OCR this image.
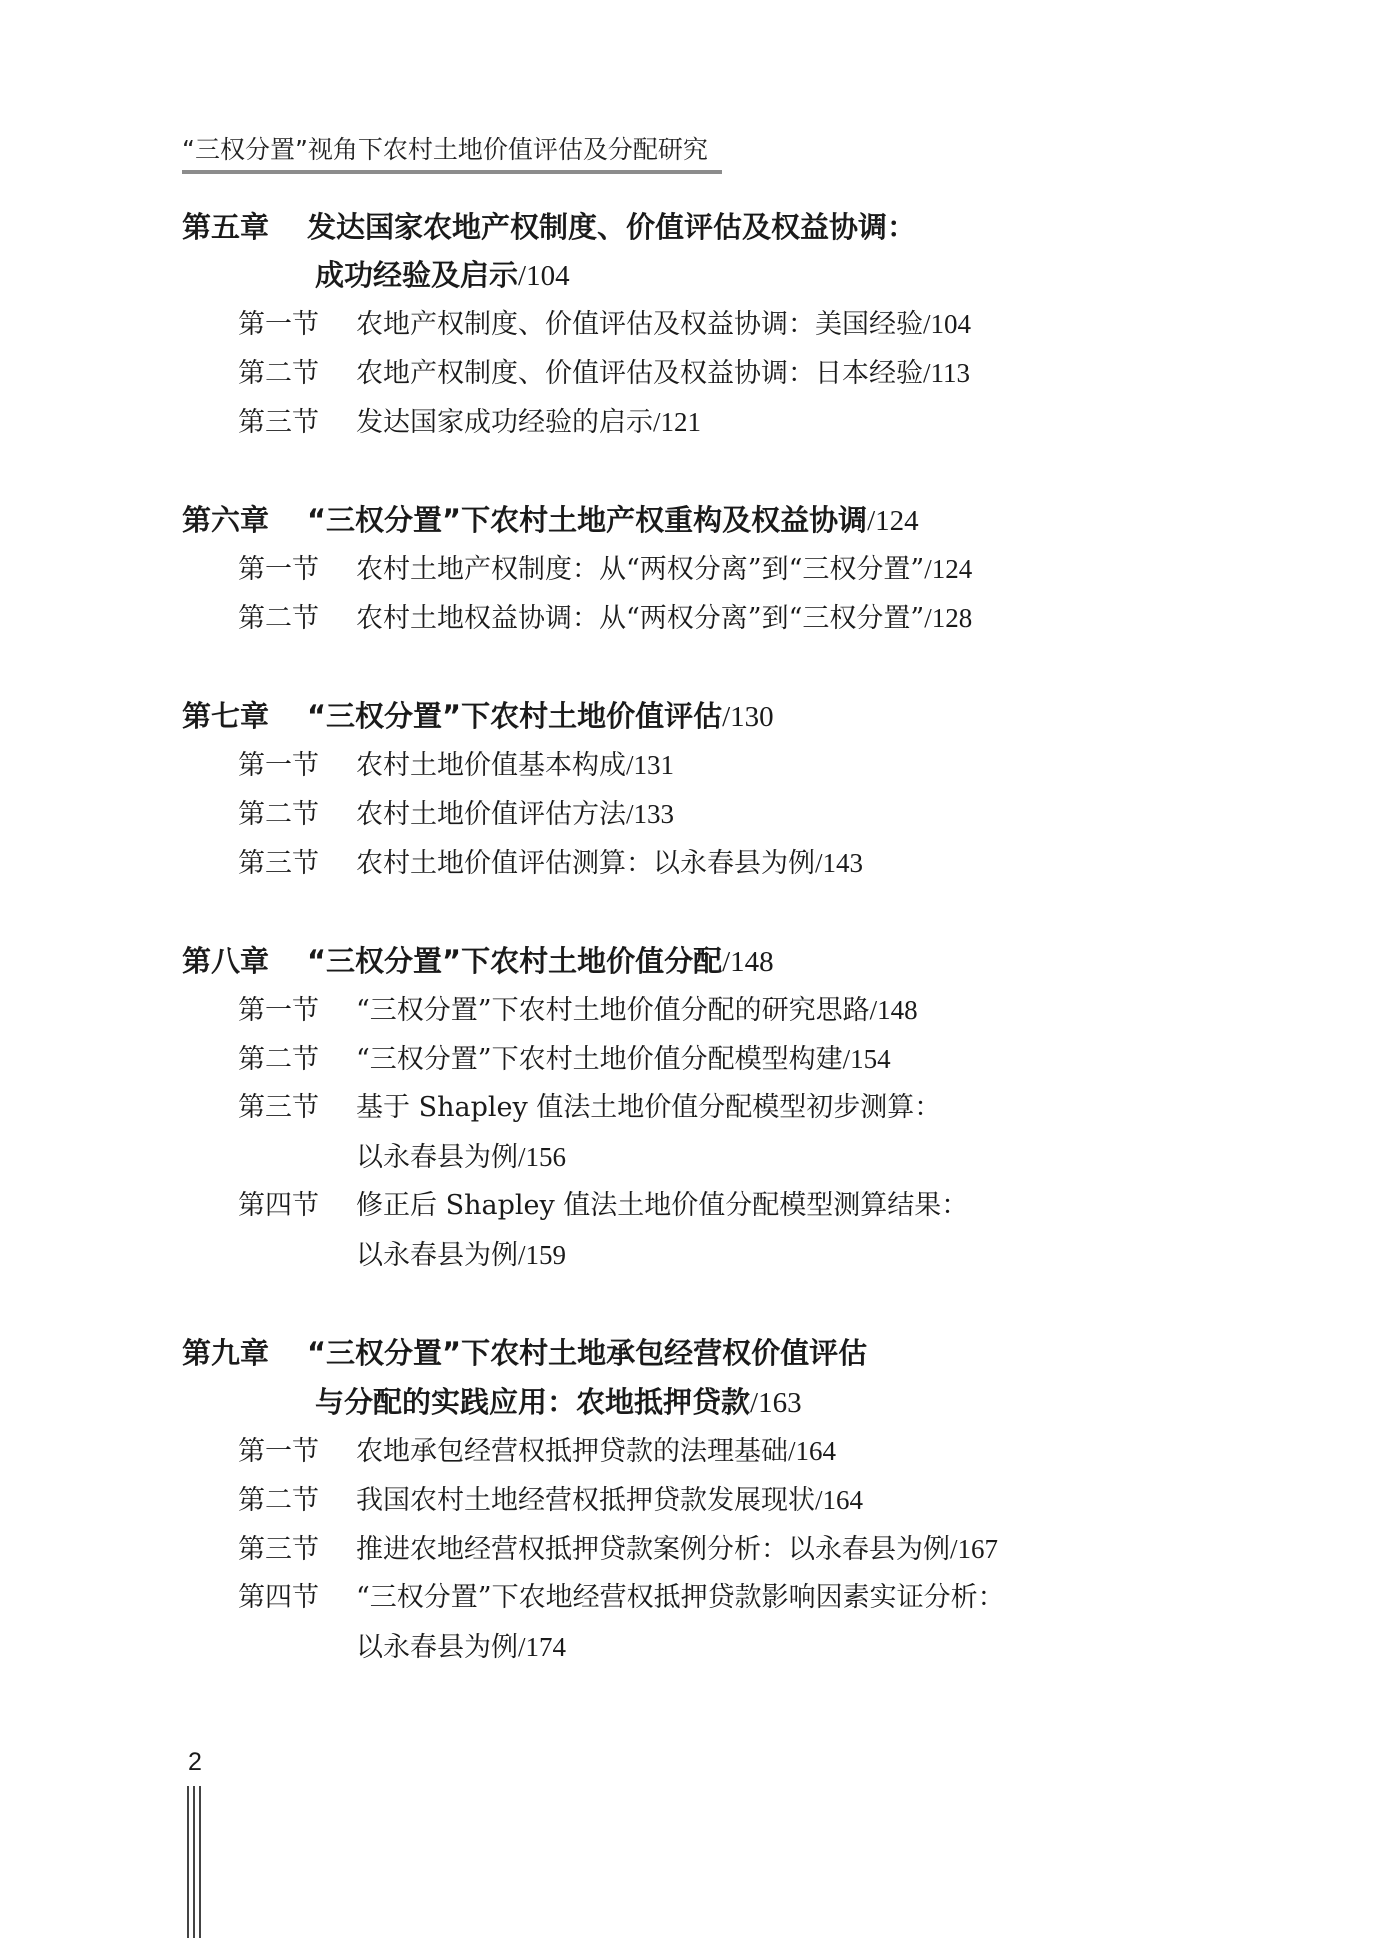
“三权分置”视角下农村土地价值评估及分配研究
第五章 发达国家农地产权制度、价值评估及权益协调：
成功经验及启示/104
第一节 农地产权制度、价值评估及权益协调：美国经验/104
第二节 农地产权制度、价值评估及权益协调：日本经验/113
第三节 发达国家成功经验的启示/121
第六章 “三权分置”下农村土地产权重构及权益协调/124
第一节 农村土地产权制度：从“两权分离”到“三权分置”/124
第二节 农村土地权益协调：从“两权分离”到“三权分置”/128
第七章 “三权分置”下农村土地价值评估/130
第一节 农村土地价值基本构成/131
第二节 农村土地价值评估方法/133
第三节 农村土地价值评估测算：以永春县为例/143
第八章 “三权分置”下农村土地价值分配/148
第一节 “三权分置”下农村土地价值分配的研究思路/148
第二节 “三权分置”下农村土地价值分配模型构建/154
第三节 基于 Shapley 值法土地价值分配模型初步测算：
以永春县为例/156
第四节 修正后 Shapley 值法土地价值分配模型测算结果：
以永春县为例/159
第九章 “三权分置”下农村土地承包经营权价值评估
与分配的实践应用：农地抵押贷款/163
第一节 农地承包经营权抵押贷款的法理基础/164
第二节 我国农村土地经营权抵押贷款发展现状/164
第三节 推进农地经营权抵押贷款案例分析：以永春县为例/167
第四节 “三权分置”下农地经营权抵押贷款影响因素实证分析：
以永春县为例/174
2
